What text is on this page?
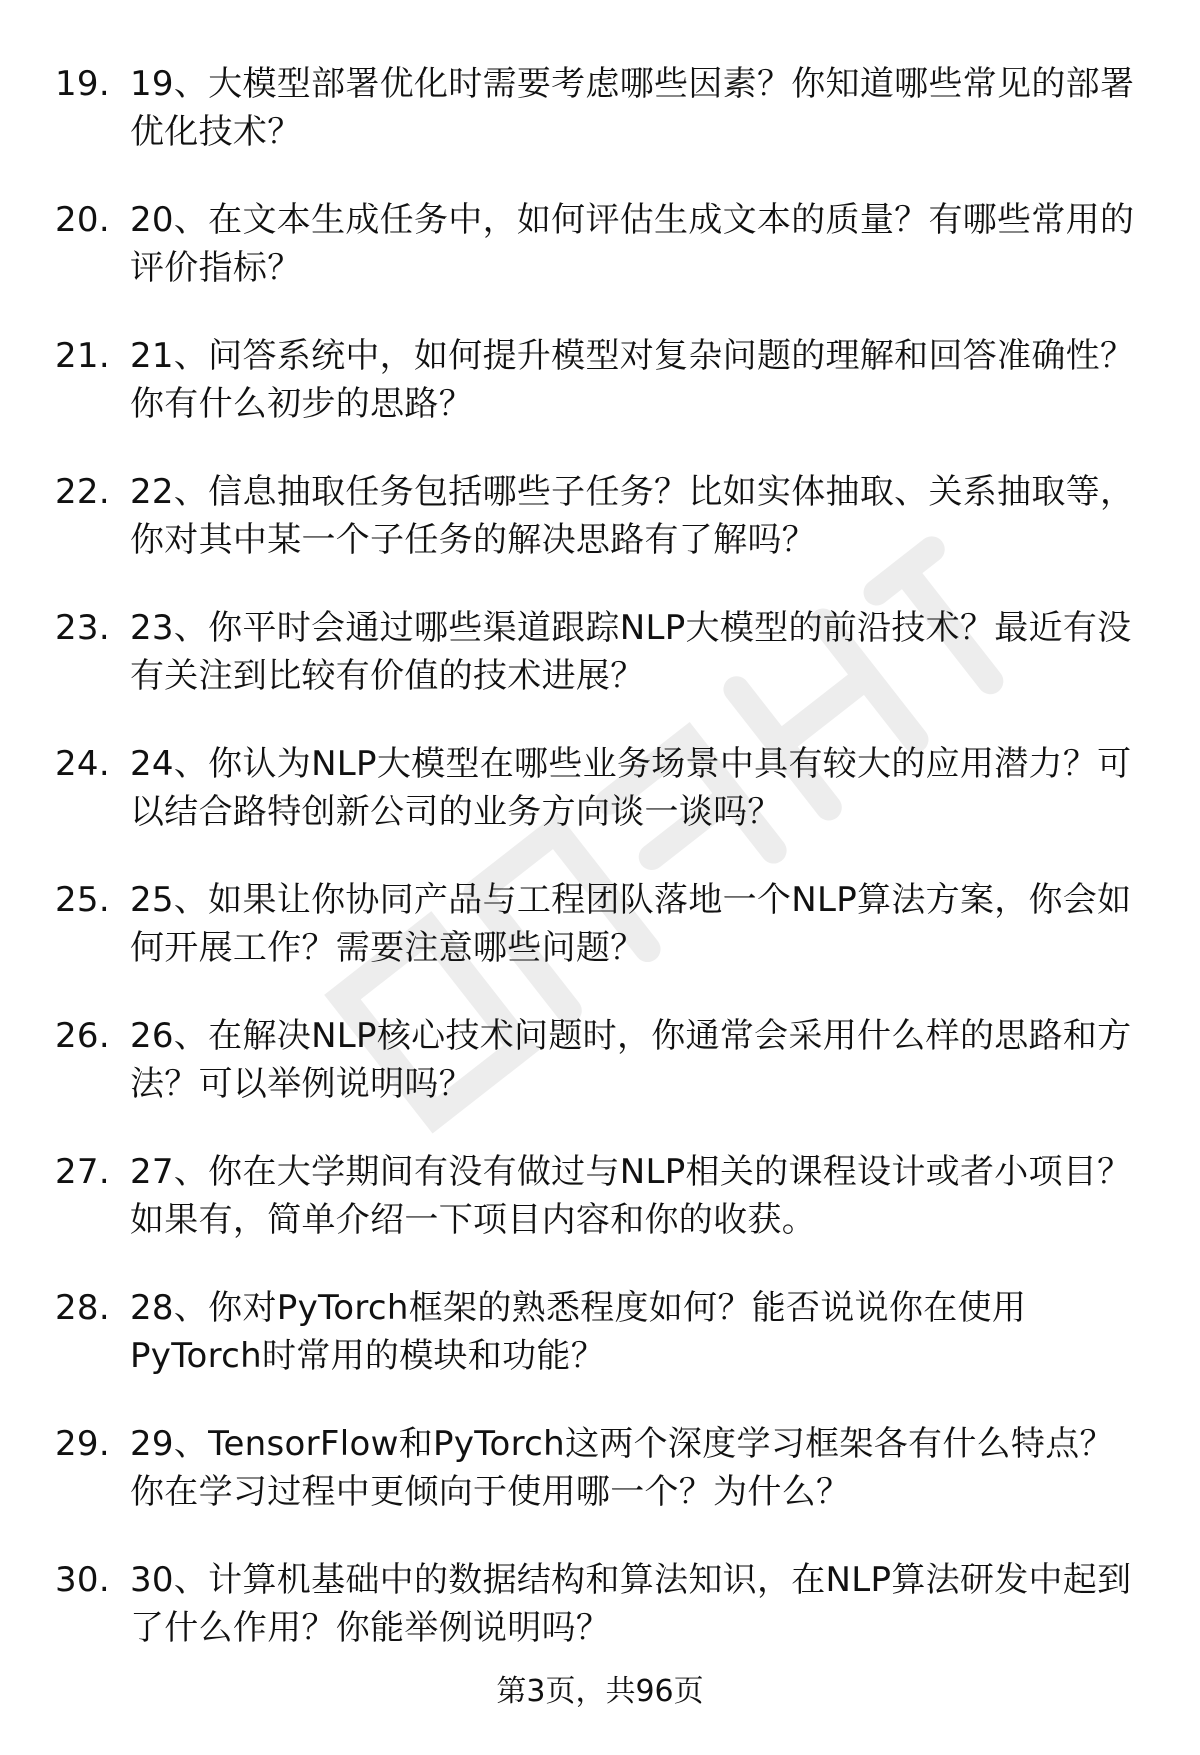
19. 19、大模型部署优化时需要考虑哪些因素？你知道哪些常见的部署优化技术？
20. 20、在文本生成任务中，如何评估生成文本的质量？有哪些常用的评价指标？
21. 21、问答系统中，如何提升模型对复杂问题的理解和回答准确性？你有什么初步的思路？
22. 22、信息抽取任务包括哪些子任务？比如实体抽取、关系抽取等，你对其中某一个子任务的解决思路有了解吗？
23. 23、你平时会通过哪些渠道跟踪NLP大模型的前沿技术？最近有没有关注到比较有价值的技术进展？
24. 24、你认为NLP大模型在哪些业务场景中具有较大的应用潜力？可以结合路特创新公司的业务方向谈一谈吗？
25. 25、如果让你协同产品与工程团队落地一个NLP算法方案，你会如何开展工作？需要注意哪些问题？
26. 26、在解决NLP核心技术问题时，你通常会采用什么样的思路和方法？可以举例说明吗？
27. 27、你在大学期间有没有做过与NLP相关的课程设计或者小项目？如果有，简单介绍一下项目内容和你的收获。
28. 28、你对PyTorch框架的熟悉程度如何？能否说说你在使用PyTorch时常用的模块和功能？
29. 29、TensorFlow和PyTorch这两个深度学习框架各有什么特点？你在学习过程中更倾向于使用哪一个？为什么？
30. 30、计算机基础中的数据结构和算法知识，在NLP算法研发中起到了什么作用？你能举例说明吗？
第3页，共96页
